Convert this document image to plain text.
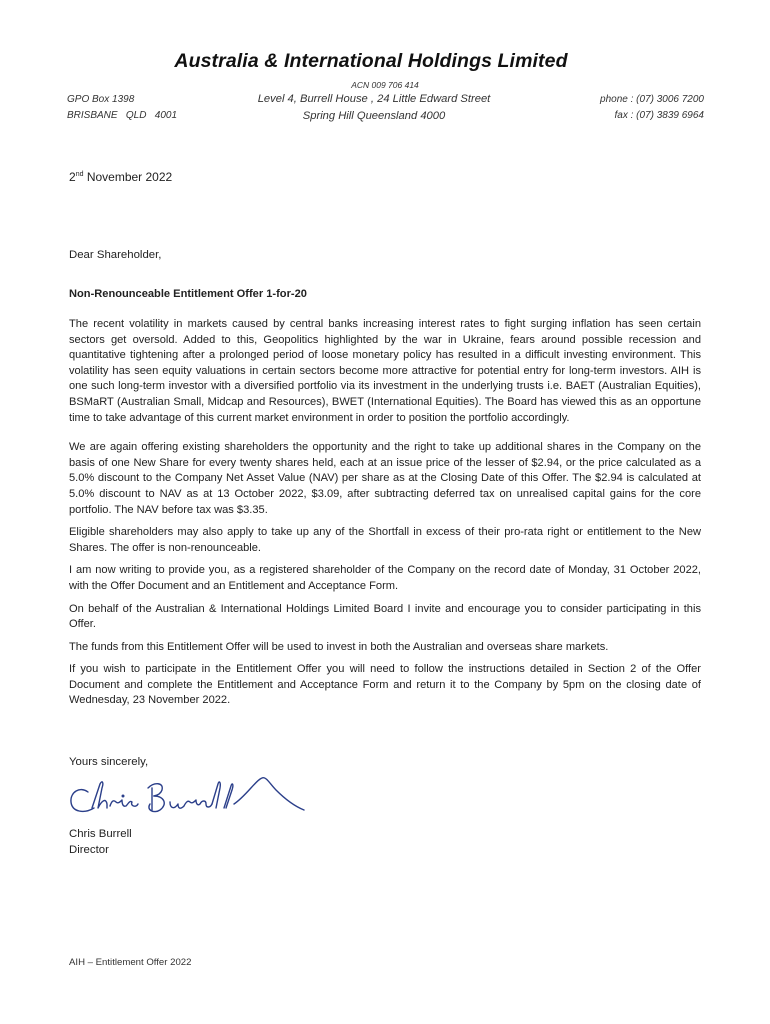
Australia & International Holdings Limited
ACN 009 706 414
GPO Box 1398
BRISBANE   QLD   4001
Level 4, Burrell House , 24 Little Edward Street
Spring Hill Queensland 4000
phone : (07) 3006 7200
fax : (07) 3839 6964
2nd November 2022
Dear Shareholder,
Non-Renounceable Entitlement Offer 1-for-20

The recent volatility in markets caused by central banks increasing interest rates to fight surging inflation has seen certain sectors get oversold. Added to this, Geopolitics highlighted by the war in Ukraine, fears around possible recession and quantitative tightening after a prolonged period of loose monetary policy has resulted in a difficult investing environment. This volatility has seen equity valuations in certain sectors become more attractive for potential entry for long-term investors. AIH is one such long-term investor with a diversified portfolio via its investment in the underlying trusts i.e. BAET (Australian Equities), BSMaRT (Australian Small, Midcap and Resources), BWET (International Equities). The Board has viewed this as an opportune time to take advantage of this current market environment in order to position the portfolio accordingly.

We are again offering existing shareholders the opportunity and the right to take up additional shares in the Company on the basis of one New Share for every twenty shares held, each at an issue price of the lesser of $2.94, or the price calculated as a 5.0% discount to the Company Net Asset Value (NAV) per share as at the Closing Date of this Offer. The $2.94 is calculated at 5.0% discount to NAV as at 13 October 2022, $3.09, after subtracting deferred tax on unrealised capital gains for the core portfolio. The NAV before tax was $3.35.

Eligible shareholders may also apply to take up any of the Shortfall in excess of their pro-rata right or entitlement to the New Shares. The offer is non-renounceable.

I am now writing to provide you, as a registered shareholder of the Company on the record date of Monday, 31 October 2022, with the Offer Document and an Entitlement and Acceptance Form.

On behalf of the Australian & International Holdings Limited Board I invite and encourage you to consider participating in this Offer.

The funds from this Entitlement Offer will be used to invest in both the Australian and overseas share markets.

If you wish to participate in the Entitlement Offer you will need to follow the instructions detailed in Section 2 of the Offer Document and complete the Entitlement and Acceptance Form and return it to the Company by 5pm on the closing date of Wednesday, 23 November 2022.

Yours sincerely,
Chris Burrell
Director
AIH – Entitlement Offer 2022
